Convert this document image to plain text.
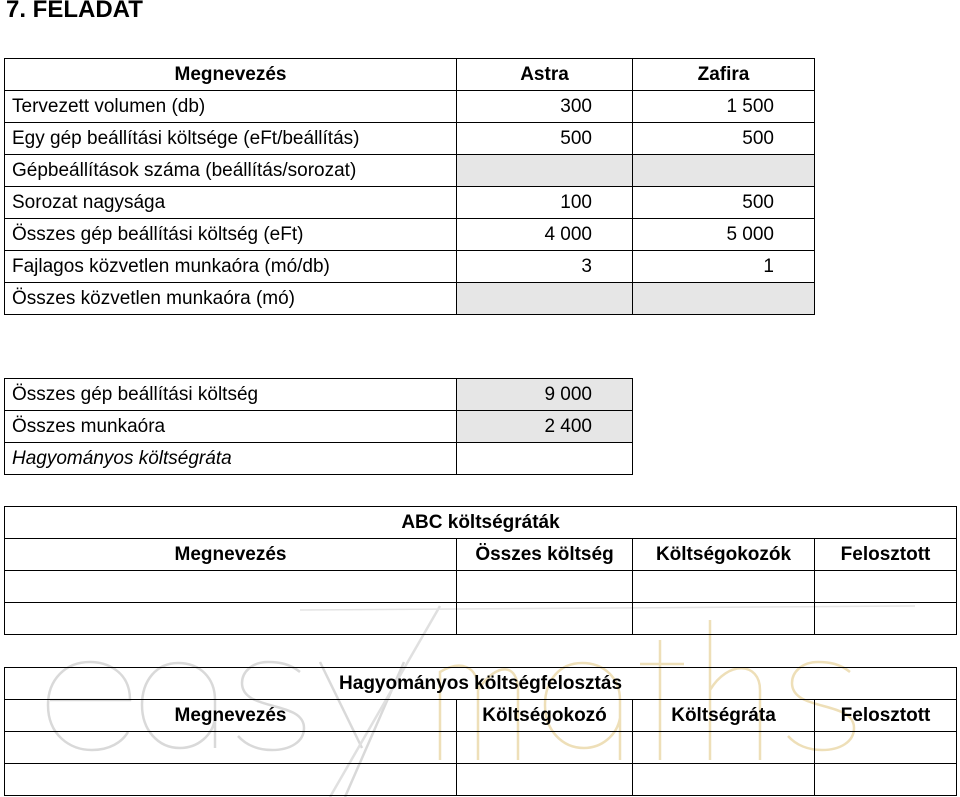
7. FELADAT
Megnevezés	Astra	Zafira
Tervezett volumen (db)	300	1 500
Egy gép beállítási költsége (eFt/beállítás)	500	500
Gépbeállítások száma (beállítás/sorozat)		
Sorozat nagysága	100	500
Összes gép beállítási költség (eFt)	4 000	5 000
Fajlagos közvetlen munkaóra (mó/db)	3	1
Összes közvetlen munkaóra (mó)		
Összes gép beállítási költség	9 000
Összes munkaóra	2 400
Hagyományos költségráta	
ABC költségráták			
Megnevezés	Összes költség	Költségokozók	Felosztott

Hagyományos költségfelosztás			
Megnevezés	Költségokozó	Költségráta	Felosztott
